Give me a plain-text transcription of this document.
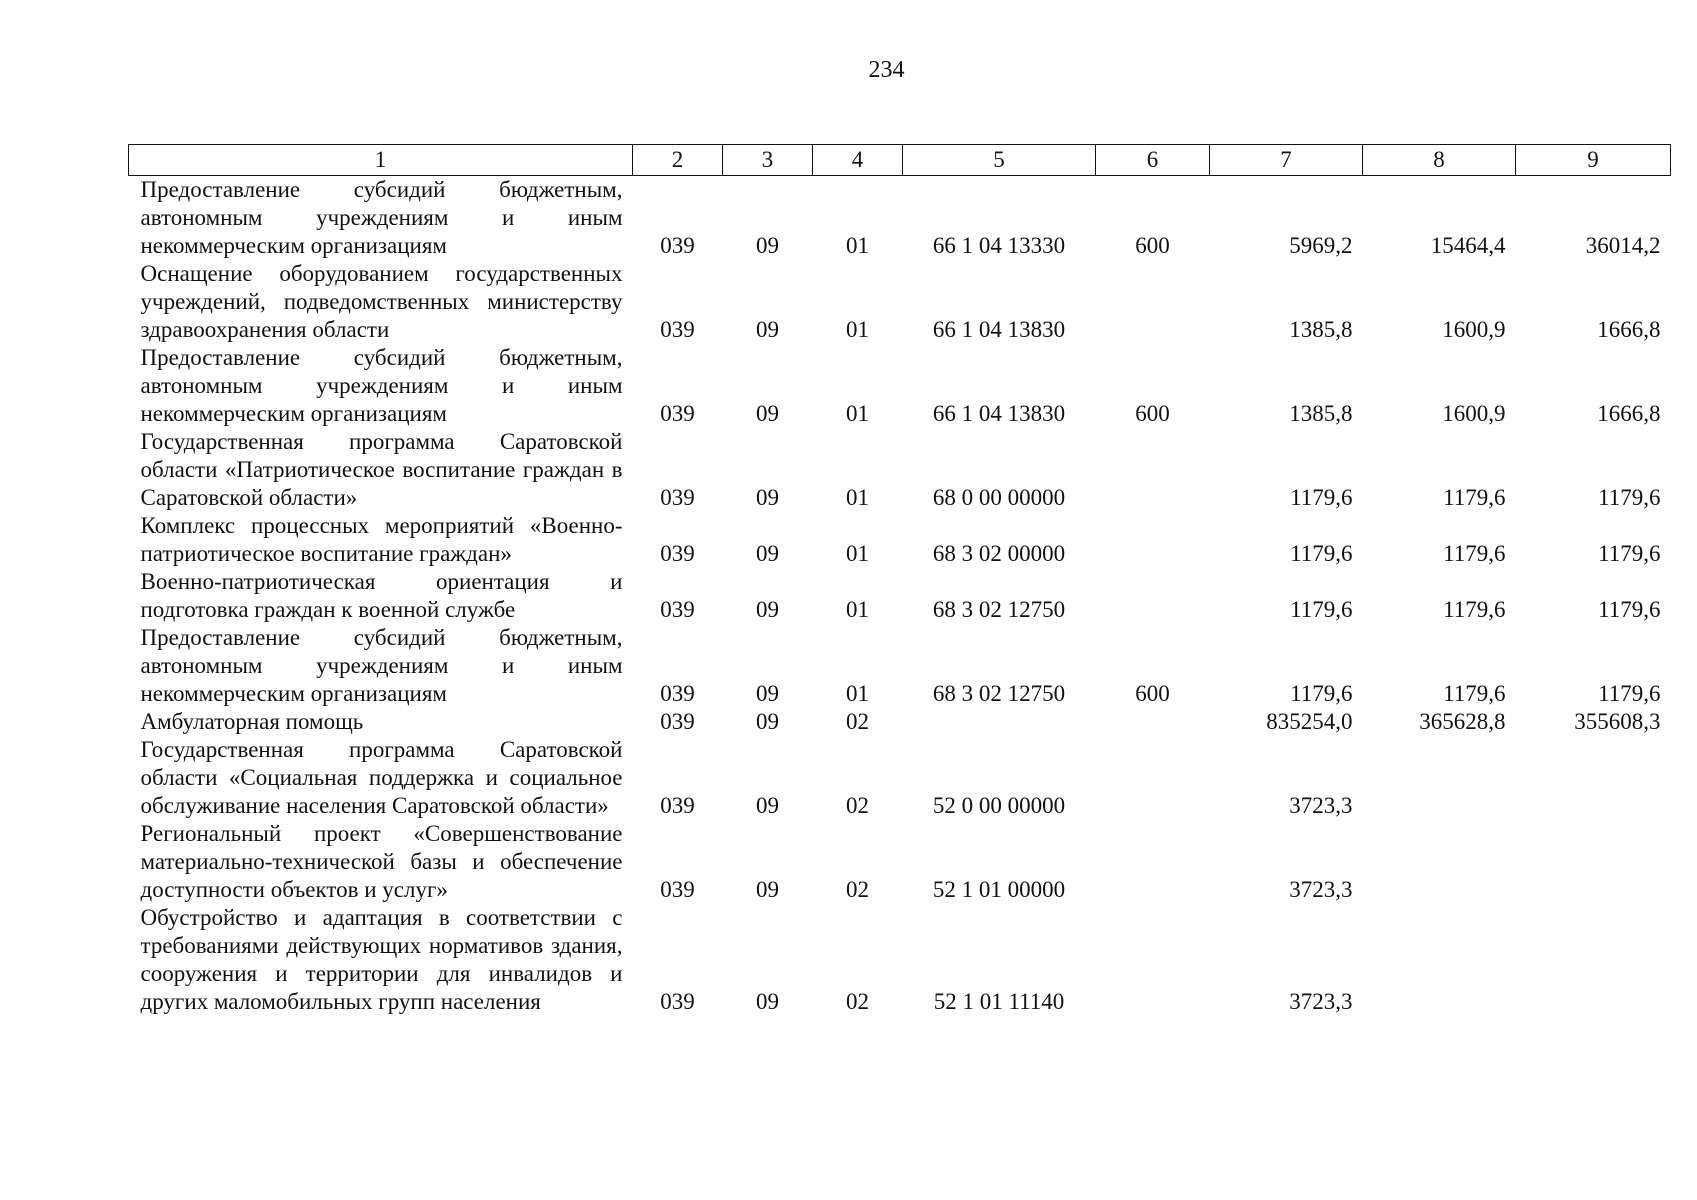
234
1	2	3	4	5	6	7	8	9
Предоставление субсидий бюджетным, автономным учреждениям и иным некоммерческим организациям	039	09	01	66 1 04 13330	600	5969,2	15464,4	36014,2
Оснащение оборудованием государственных учреждений, подведомственных министерству здравоохранения области	039	09	01	66 1 04 13830		1385,8	1600,9	1666,8
Предоставление субсидий бюджетным, автономным учреждениям и иным некоммерческим организациям	039	09	01	66 1 04 13830	600	1385,8	1600,9	1666,8
Государственная программа Саратовской области «Патриотическое воспитание граждан в Саратовской области»	039	09	01	68 0 00 00000		1179,6	1179,6	1179,6
Комплекс процессных мероприятий «Военно-патриотическое воспитание граждан»	039	09	01	68 3 02 00000		1179,6	1179,6	1179,6
Военно-патриотическая ориентация и подготовка граждан к военной службе	039	09	01	68 3 02 12750		1179,6	1179,6	1179,6
Предоставление субсидий бюджетным, автономным учреждениям и иным некоммерческим организациям	039	09	01	68 3 02 12750	600	1179,6	1179,6	1179,6
Амбулаторная помощь	039	09	02			835254,0	365628,8	355608,3
Государственная программа Саратовской области «Социальная поддержка и социальное обслуживание населения Саратовской области»	039	09	02	52 0 00 00000		3723,3		
Региональный проект «Совершенствование материально-технической базы и обеспечение доступности объектов и услуг»	039	09	02	52 1 01 00000		3723,3		
Обустройство и адаптация в соответствии с требованиями действующих нормативов здания, сооружения и территории для инвалидов и других маломобильных групп населения	039	09	02	52 1 01 11140		3723,3		
